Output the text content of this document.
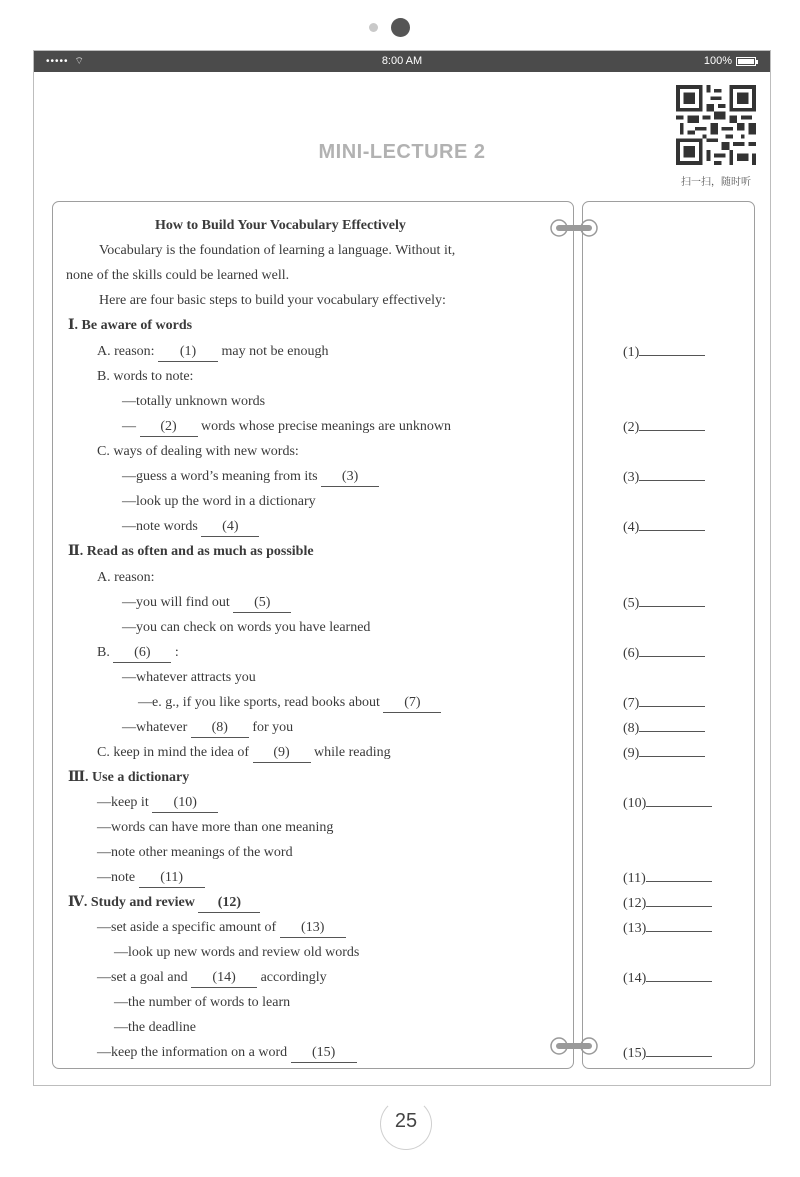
••••• ⌔	8:00 AM	100%
MINI-LECTURE 2
扫一扫，随时听
How to Build Your Vocabulary Effectively
Vocabulary is the foundation of learning a language. Without it,
none of the skills could be learned well.
Here are four basic steps to build your vocabulary effectively:
Ⅰ. Be aware of words
A. reason: (1) may not be enough
B. words to note:
—totally unknown words
— (2) words whose precise meanings are unknown
C. ways of dealing with new words:
—guess a word’s meaning from its (3)
—look up the word in a dictionary
—note words (4)
Ⅱ. Read as often and as much as possible
A. reason:
—you will find out (5)
—you can check on words you have learned
B. (6) :
—whatever attracts you
—e. g., if you like sports, read books about (7)
—whatever (8) for you
C. keep in mind the idea of (9) while reading
Ⅲ. Use a dictionary
—keep it (10)
—words can have more than one meaning
—note other meanings of the word
—note (11)
Ⅳ. Study and review (12)
—set aside a specific amount of (13)
—look up new words and review old words
—set a goal and (14) accordingly
—the number of words to learn
—the deadline
—keep the information on a word (15)
(1)
(2)
(3)
(4)
(5)
(6)
(7)
(8)
(9)
(10)
(11)
(12)
(13)
(14)
(15)
25
